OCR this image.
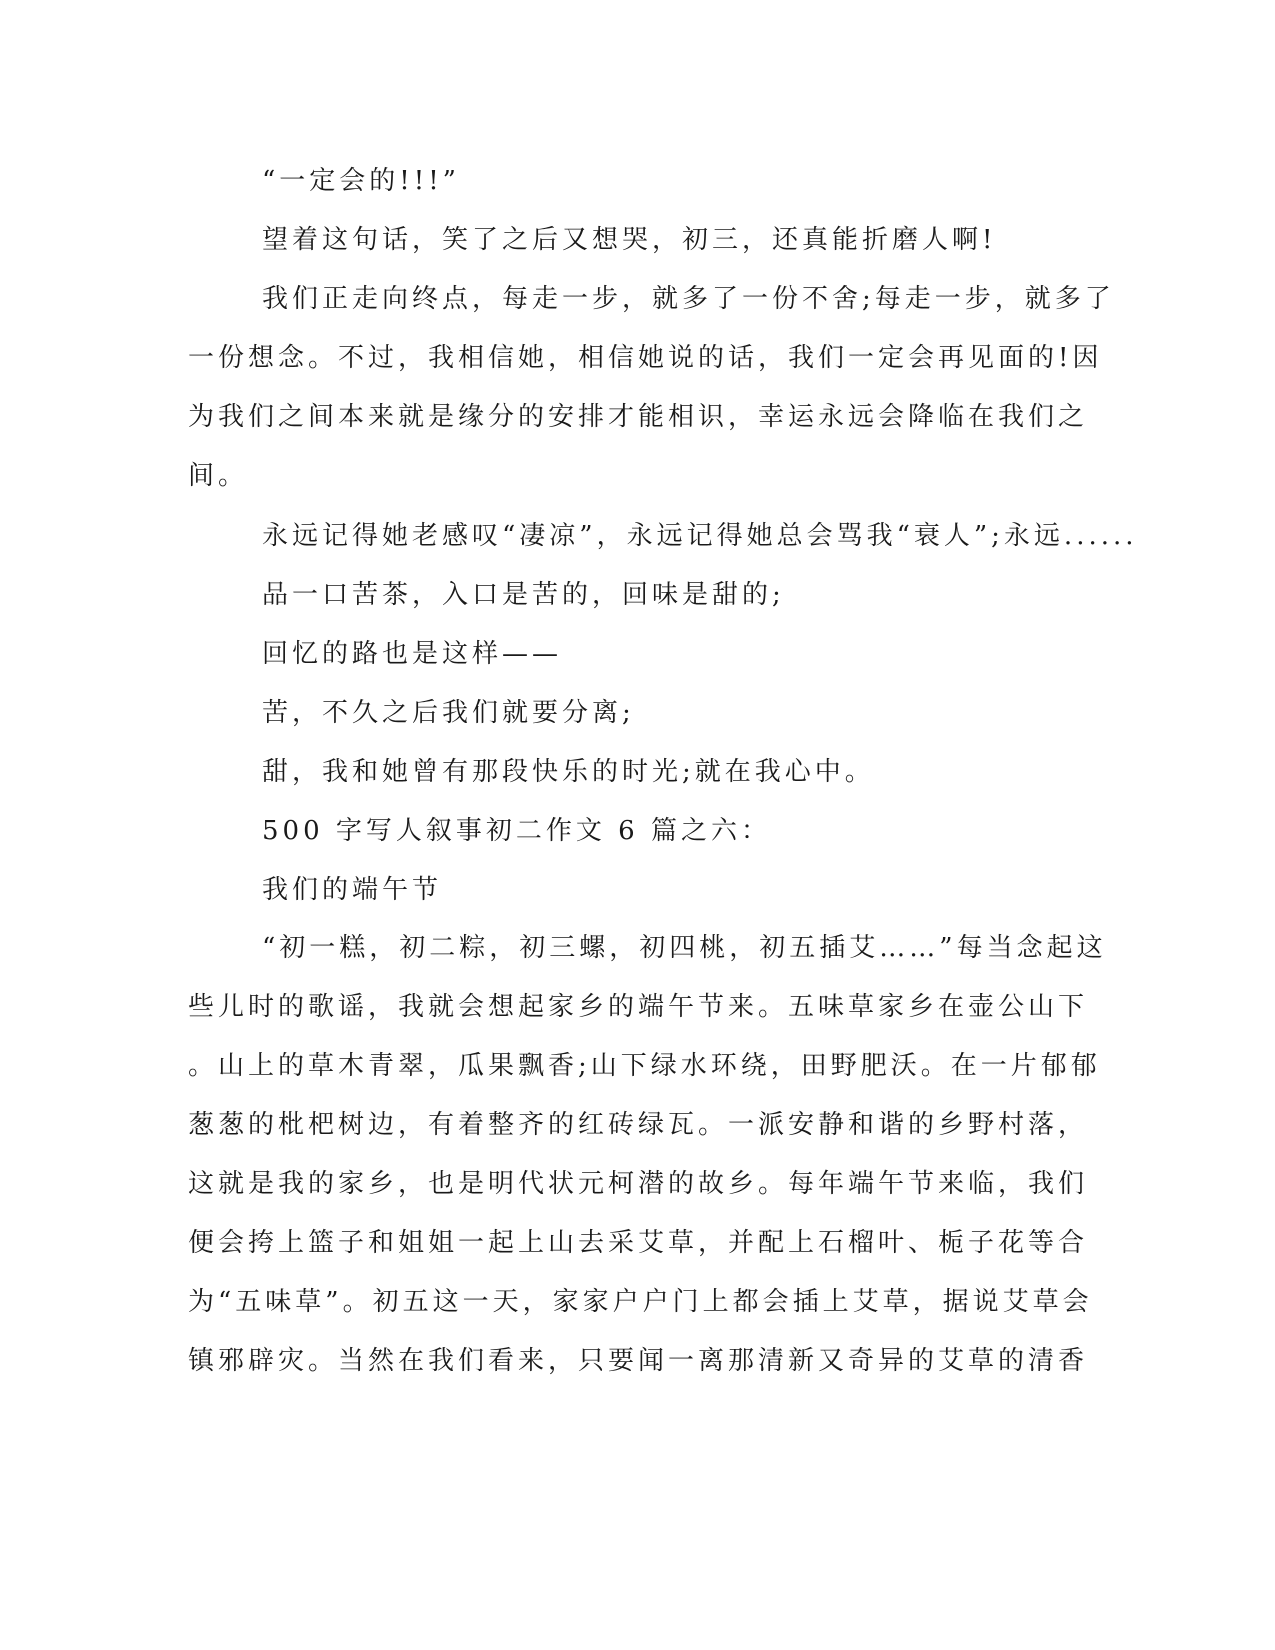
“一定会的!!!”
望着这句话，笑了之后又想哭，初三，还真能折磨人啊!
我们正走向终点，每走一步，就多了一份不舍;每走一步，就多了
一份想念。不过，我相信她，相信她说的话，我们一定会再见面的!因
为我们之间本来就是缘分的安排才能相识，幸运永远会降临在我们之
间。
永远记得她老感叹“凄凉”，永远记得她总会骂我“衰人”;永远......
品一口苦茶，入口是苦的，回味是甜的;
回忆的路也是这样——
苦，不久之后我们就要分离;
甜，我和她曾有那段快乐的时光;就在我心中。
500 字写人叙事初二作文 6 篇之六：
我们的端午节
“初一糕，初二粽，初三螺，初四桃，初五插艾……”每当念起这
些儿时的歌谣，我就会想起家乡的端午节来。五味草家乡在壶公山下
。山上的草木青翠，瓜果飘香;山下绿水环绕，田野肥沃。在一片郁郁
葱葱的枇杷树边，有着整齐的红砖绿瓦。一派安静和谐的乡野村落，
这就是我的家乡，也是明代状元柯潜的故乡。每年端午节来临，我们
便会挎上篮子和姐姐一起上山去采艾草，并配上石榴叶、栀子花等合
为“五味草”。初五这一天，家家户户门上都会插上艾草，据说艾草会
镇邪辟灾。当然在我们看来，只要闻一离那清新又奇异的艾草的清香
